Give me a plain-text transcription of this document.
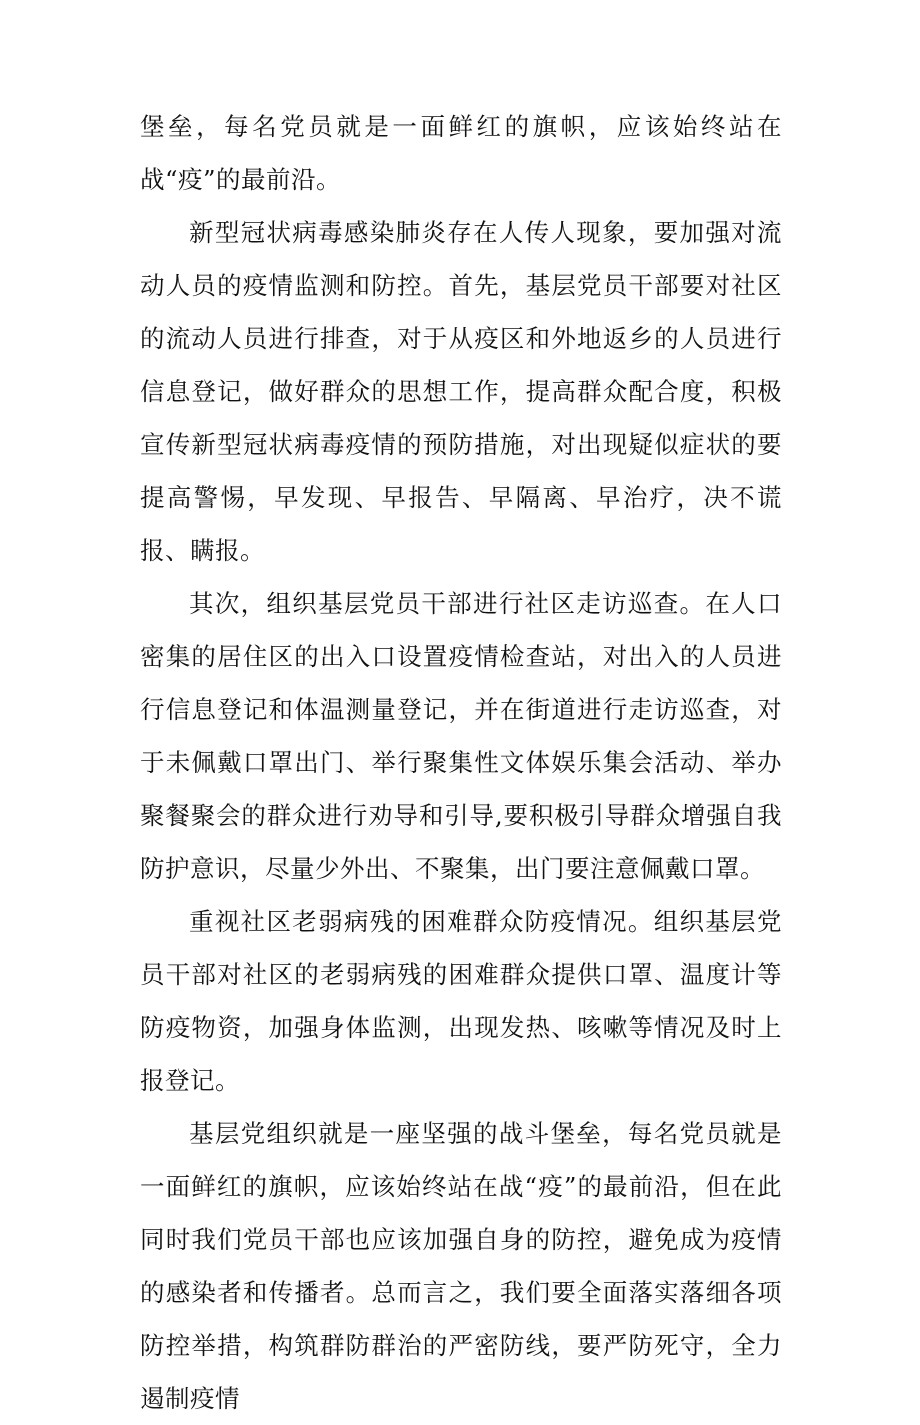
堡垒，每名党员就是一面鲜红的旗帜，应该始终站在战“疫”的最前沿。

新型冠状病毒感染肺炎存在人传人现象，要加强对流动人员的疫情监测和防控。首先，基层党员干部要对社区的流动人员进行排查，对于从疫区和外地返乡的人员进行信息登记，做好群众的思想工作，提高群众配合度，积极宣传新型冠状病毒疫情的预防措施，对出现疑似症状的要提高警惕，早发现、早报告、早隔离、早治疗，决不谎报、瞒报。

其次，组织基层党员干部进行社区走访巡查。在人口密集的居住区的出入口设置疫情检查站，对出入的人员进行信息登记和体温测量登记，并在街道进行走访巡查，对于未佩戴口罩出门、举行聚集性文体娱乐集会活动、举办聚餐聚会的群众进行劝导和引导,要积极引导群众增强自我防护意识，尽量少外出、不聚集，出门要注意佩戴口罩。

重视社区老弱病残的困难群众防疫情况。组织基层党员干部对社区的老弱病残的困难群众提供口罩、温度计等防疫物资，加强身体监测，出现发热、咳嗽等情况及时上报登记。

基层党组织就是一座坚强的战斗堡垒，每名党员就是一面鲜红的旗帜，应该始终站在战“疫”的最前沿，但在此同时我们党员干部也应该加强自身的防控，避免成为疫情的感染者和传播者。总而言之，我们要全面落实落细各项防控举措，构筑群防群治的严密防线，要严防死守，全力遏制疫情
